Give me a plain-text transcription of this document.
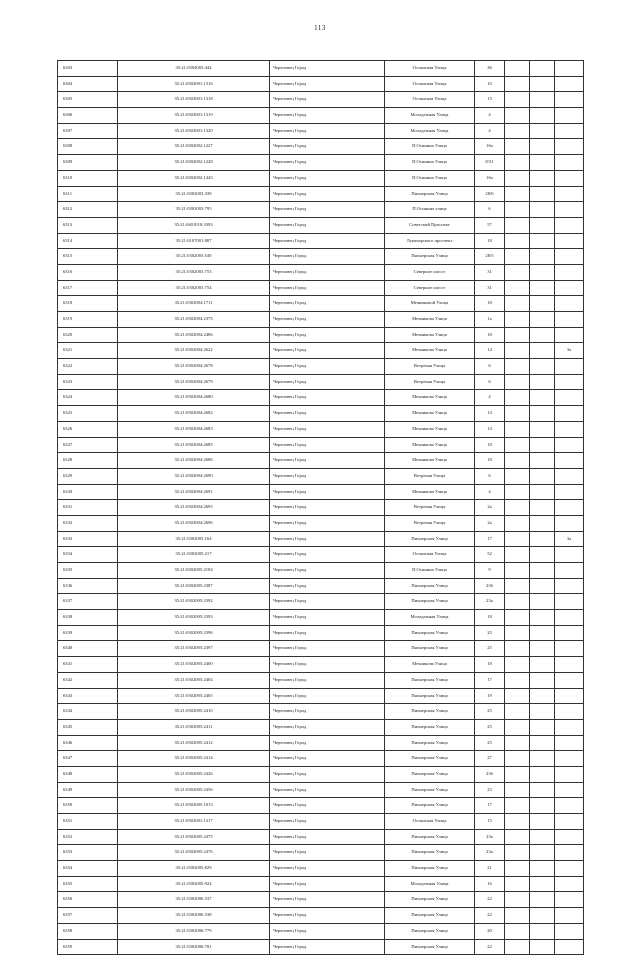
113
6303	35:21:0304003:444	Череповец Город	Остинская Улица	36			
6304	35:21:0302001:1316	Череповец Город	Остинская Улица	10			
6305	35:21:0302001:1318	Череповец Город	Остинская Улица	15			
6306	35:21:0302001:1319	Череповец Город	Молодежная Улица	4			
6307	35:21:0302001:1320	Череповец Город	Молодежная Улица	4			
6308	35:21:0302002:1227	Череповец Город	П.Осинина Улица	16а			
6309	35:21:0302002:1228	Череповец Город	П.Осинина Улица	8/31			
6310	35:21:0302002:1443	Череповец Город	П.Осинина Улица	16а			
6311	35:21:0302003:339	Череповец Город	Пионерская Улица	28/6			
6312	35:21:0302003:795	Череповец Город	П.Осинина улица	6			
6313	35:21:0401010:3393	Череповец Город	Советский Проспект	57			
6314	35:21:0107001:887	Череповец Город	Луначарского проспект	18			
6315	35:21:0302003:549	Череповец Город	Пионерская Улица	28/5			
6316	35:21:0302003:753	Череповец Город	Северное шоссе	31			
6317	35:21:0302003:754	Череповец Город	Северное шоссе	31			
6318	35:21:0302004:1711	Череповец Город	Мечниковой Улица	18			
6319	35:21:0302004:2375	Череповец Город	Мечникова Улица	1а			
6320	35:21:0302004:2486	Череповец Город	Мечникова Улица	18			
6321	35:21:0302004:2622	Череповец Город	Мечникова Улица	14			3а
6322	35:21:0302004:2678	Череповец Город	Ветреная Улица	6			
6323	35:21:0302004:2679	Череповец Город	Ветреная Улица	6			
6324	35:21:0302004:2680	Череповец Город	Мечникова Улица	4			
6325	35:21:0302004:2682	Череповец Город	Мечникова Улица	14			
6326	35:21:0302004:2683	Череповец Город	Мечникова Улица	14			
6327	35:21:0302004:2685	Череповец Город	Мечникова Улица	18			
6328	35:21:0302004:2686	Череповец Город	Мечникова Улица	18			
6329	35:21:0302004:2690	Череповец Город	Ветреная Улица	6			
6330	35:21:0302004:2691	Череповец Город	Мечникова Улица	4			
6331	35:21:0302004:2695	Череповец Город	Ветреная Улица	2а			
6332	35:21:0302004:2696	Череповец Город	Ветреная Улица	2а			
6333	35:21:0302005:164	Череповец Город	Пионерская Улица	17			3а
6334	35:21:0302005:217	Череповец Город	Остинская Улица	52			
6335	35:21:0302005:2184	Череповец Город	П.Осинина Улица	9			
6336	35:21:0302005:2387	Череповец Город	Пионерская Улица	23б			
6337	35:21:0302005:2392	Череповец Город	Пионерская Улица	23а			
6338	35:21:0302005:2393	Череповец Город	Молодежная Улица	18			
6339	35:21:0302005:2396	Череповец Город	Пионерская Улица	25			
6340	35:21:0302005:2397	Череповец Город	Пионерская Улица	25			
6341	35:21:0302005:2400	Череповец Город	Мечникова Улица	18			
6342	35:21:0302005:2404	Череповец Город	Пионерская Улица	17			
6343	35:21:0302005:2405	Череповец Город	Пионерская Улица	19			
6344	35:21:0302005:2410	Череповец Город	Пионерская Улица	25			
6345	35:21:0302005:2411	Череповец Город	Пионерская Улица	25			
6346	35:21:0302005:2412	Череповец Город	Пионерская Улица	25			
6347	35:21:0302005:2414	Череповец Город	Пионерская Улица	27			
6348	35:21:0302005:2426	Череповец Город	Пионерская Улица	23б			
6349	35:21:0302005:2456	Череповец Город	Пионерская Улица	23			
6350	35:21:0302005:1013	Череповец Город	Пионерская Улица	17			
6351	35:21:0302001:1317	Череповец Город	Остинская Улица	15			
6352	35:21:0302005:2475	Череповец Город	Пионерская Улица	23а			
6353	35:21:0302005:2476	Череповец Город	Пионерская Улица	23а			
6354	35:21:0302005:829	Череповец Город	Пионерская Улица	21			
6355	35:21:0302005:924	Череповец Город	Молодежная Улица	16			
6356	35:21:0302006:537	Череповец Город	Пионерская Улица	22			
6357	35:21:0302006:538	Череповец Город	Пионерская Улица	22			
6358	35:21:0302006:779	Череповец Город	Пионерская Улица	20			
6359	35:21:0302006:781	Череповец Город	Пионерская Улица	22			
